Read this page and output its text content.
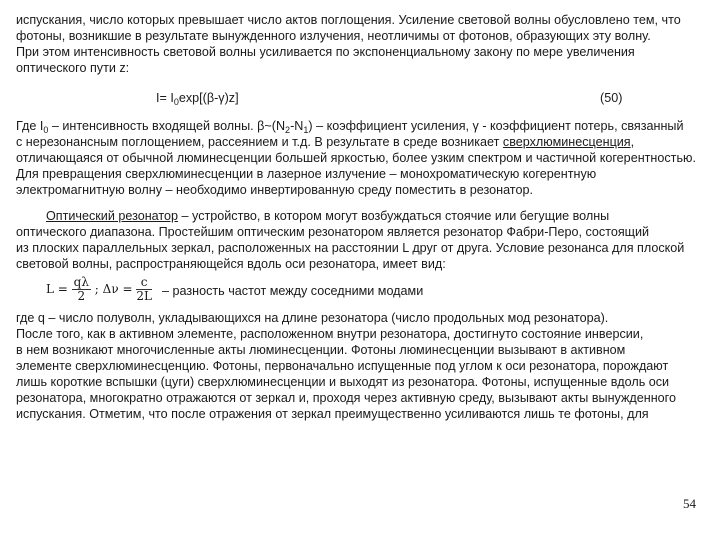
испускания, число которых превышает число актов поглощения. Усиление световой волны обусловлено тем, что
фотоны, возникшие в результате вынужденного излучения, неотличимы от фотонов, образующих эту волну.
При этом интенсивность световой волны усиливается по экспоненциальному закону по мере увеличения
оптического пути z:
$I= I_0\exp[(\beta-\gamma)z]$	(50)
Где $I_0$ – интенсивность входящей волны. $\beta\sim(N_2-N_1)$ – коэффициент усиления, γ - коэффициент потерь, связанный
с нерезонансным поглощением, рассеянием и т.д. В результате в среде возникает сверхлюминесценция,
отличающаяся от обычной люминесценции большей яркостью, более узким спектром и частичной когерентностью.
Для превращения сверхлюминесценции в лазерное излучение – монохроматическую когерентную
электромагнитную волну – необходимо инвертированную среду поместить в резонатор.
Оптический резонатор – устройство, в котором могут возбуждаться стоячие или бегущие волны
оптического диапазона. Простейшим оптическим резонатором является резонатор Фабри-Перо, состоящий
из плоских параллельных зеркал, расположенных на расстоянии L друг от друга. Условие резонанса для плоской
световой волны, распространяющейся вдоль оси резонатора, имеет вид:
$L = \frac{q\lambda}{2}$ ; $\Delta\nu = \frac{c}{2L}$ – разность частот между соседними модами
где q – число полуволн, укладывающихся на длине резонатора (число продольных мод резонатора).
После того, как в активном элементе, расположенном внутри резонатора, достигнуто состояние инверсии,
в нем возникают многочисленные акты люминесценции. Фотоны люминесценции вызывают в активном
элементе сверхлюминесценцию. Фотоны, первоначально испущенные под углом к оси резонатора, порождают
лишь короткие вспышки (цуги) сверхлюминесценции и выходят из резонатора. Фотоны, испущенные вдоль оси
резонатора, многократно отражаются от зеркал и, проходя через активную среду, вызывают акты вынужденного
испускания. Отметим, что после отражения от зеркал преимущественно усиливаются лишь те фотоны, для
54
